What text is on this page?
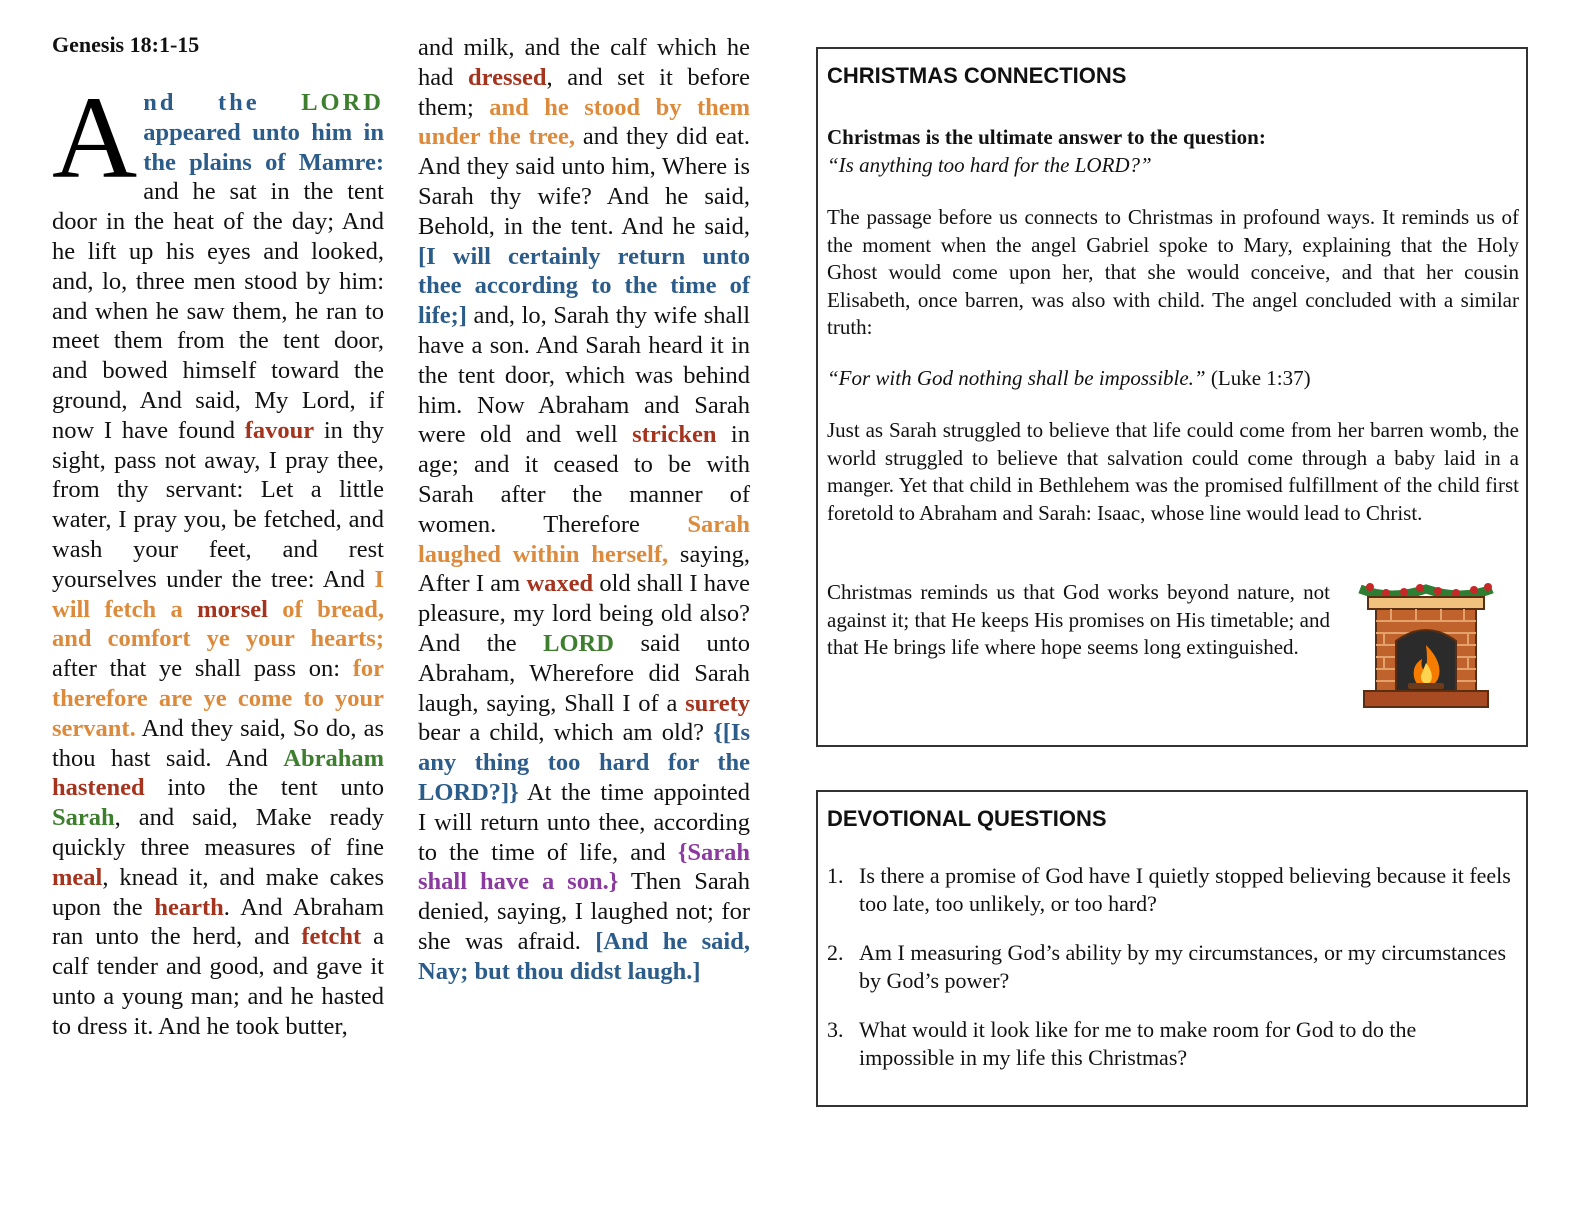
Genesis 18:1-15
And the LORD appeared unto him in the plains of Mamre: and he sat in the tent door in the heat of the day; And he lift up his eyes and looked, and, lo, three men stood by him: and when he saw them, he ran to meet them from the tent door, and bowed himself toward the ground, And said, My Lord, if now I have found favour in thy sight, pass not away, I pray thee, from thy servant: Let a little water, I pray you, be fetched, and wash your feet, and rest yourselves under the tree: And I will fetch a morsel of bread, and comfort ye your hearts; after that ye shall pass on: for therefore are ye come to your servant. And they said, So do, as thou hast said. And Abraham hastened into the tent unto Sarah, and said, Make ready quickly three measures of fine meal, knead it, and make cakes upon the hearth. And Abraham ran unto the herd, and fetcht a calf tender and good, and gave it unto a young man; and he hasted to dress it. And he took butter,
and milk, and the calf which he had dressed, and set it before them; and he stood by them under the tree, and they did eat. And they said unto him, Where is Sarah thy wife? And he said, Behold, in the tent. And he said, [I will certainly return unto thee according to the time of life;] and, lo, Sarah thy wife shall have a son. And Sarah heard it in the tent door, which was behind him. Now Abraham and Sarah were old and well stricken in age; and it ceased to be with Sarah after the manner of women. Therefore Sarah laughed within herself, saying, After I am waxed old shall I have pleasure, my lord being old also? And the LORD said unto Abraham, Wherefore did Sarah laugh, saying, Shall I of a surety bear a child, which am old? {[Is any thing too hard for the LORD?]} At the time appointed I will return unto thee, according to the time of life, and {Sarah shall have a son.} Then Sarah denied, saying, I laughed not; for she was afraid. [And he said, Nay; but thou didst laugh.]
CHRISTMAS CONNECTIONS

Christmas is the ultimate answer to the question:
“Is anything too hard for the LORD?”

The passage before us connects to Christmas in profound ways. It reminds us of the moment when the angel Gabriel spoke to Mary, explaining that the Holy Ghost would come upon her, that she would conceive, and that her cousin Elisabeth, once barren, was also with child. The angel concluded with a similar truth:

“For with God nothing shall be impossible.” (Luke 1:37)

Just as Sarah struggled to believe that life could come from her barren womb, the world struggled to believe that salvation could come through a baby laid in a manger. Yet that child in Bethlehem was the promised fulfillment of the child first foretold to Abraham and Sarah: Isaac, whose line would lead to Christ.

Christmas reminds us that God works beyond nature, not against it; that He keeps His promises on His timetable; and that He brings life where hope seems long extinguished.

DEVOTIONAL QUESTIONS
1. Is there a promise of God have I quietly stopped believing because it feels too late, too unlikely, or too hard?
2. Am I measuring God’s ability by my circumstances, or my circumstances by God’s power?
3. What would it look like for me to make room for God to do the impossible in my life this Christmas?
